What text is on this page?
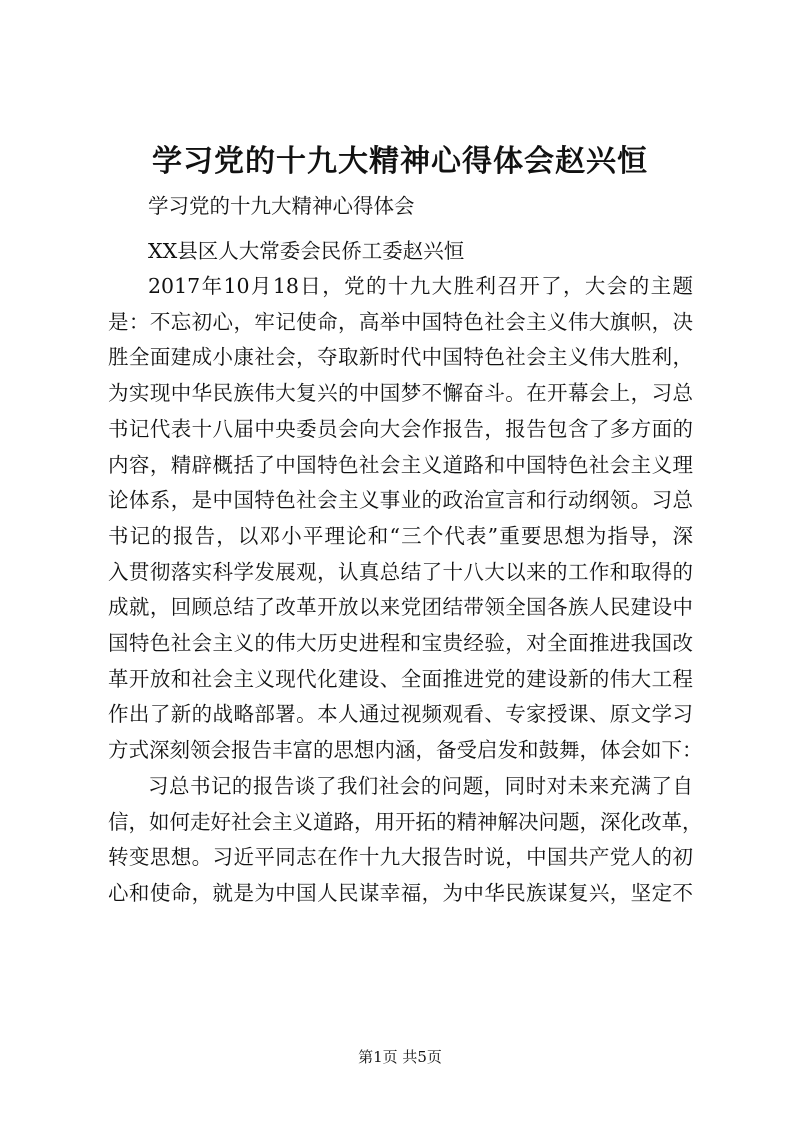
学习党的十九大精神心得体会赵兴恒
学习党的十九大精神心得体会
XX县区人大常委会民侨工委赵兴恒
2017年10月18日，党的十九大胜利召开了，大会的主题
是：不忘初心，牢记使命，高举中国特色社会主义伟大旗帜，决
胜全面建成小康社会，夺取新时代中国特色社会主义伟大胜利，
为实现中华民族伟大复兴的中国梦不懈奋斗。在开幕会上，习总
书记代表十八届中央委员会向大会作报告，报告包含了多方面的
内容，精辟概括了中国特色社会主义道路和中国特色社会主义理
论体系，是中国特色社会主义事业的政治宣言和行动纲领。习总
书记的报告，以邓小平理论和“三个代表”重要思想为指导，深
入贯彻落实科学发展观，认真总结了十八大以来的工作和取得的
成就，回顾总结了改革开放以来党团结带领全国各族人民建设中
国特色社会主义的伟大历史进程和宝贵经验，对全面推进我国改
革开放和社会主义现代化建设、全面推进党的建设新的伟大工程
作出了新的战略部署。本人通过视频观看、专家授课、原文学习
方式深刻领会报告丰富的思想内涵，备受启发和鼓舞，体会如下：
习总书记的报告谈了我们社会的问题，同时对未来充满了自
信，如何走好社会主义道路，用开拓的精神解决问题，深化改革，
转变思想。习近平同志在作十九大报告时说，中国共产党人的初
心和使命，就是为中国人民谋幸福，为中华民族谋复兴，坚定不
第1页 共5页
